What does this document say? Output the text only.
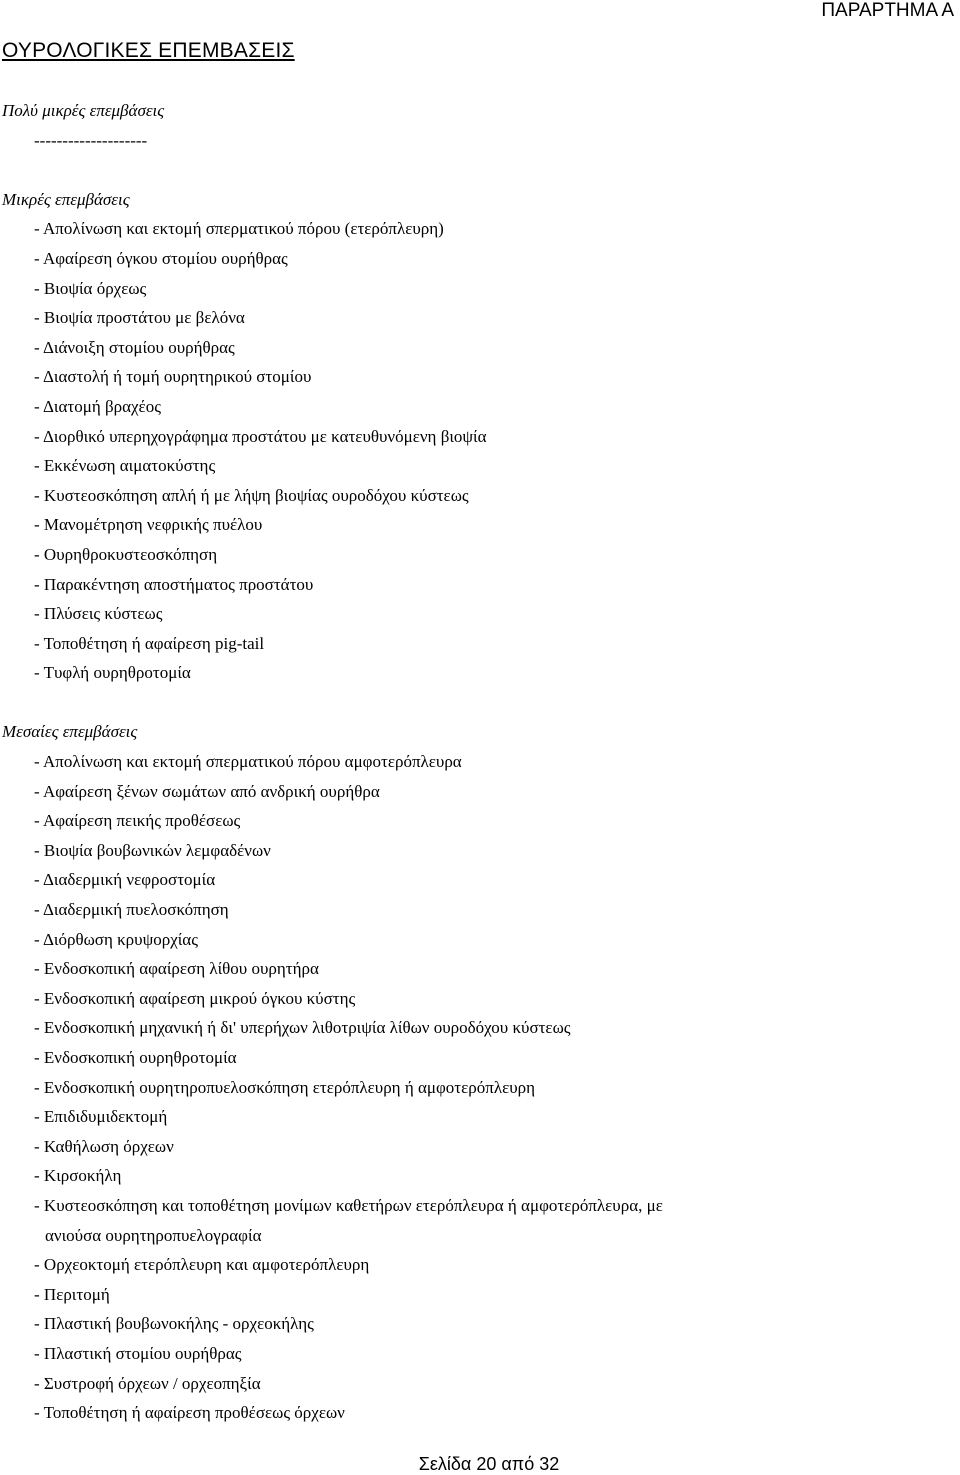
ΠΑΡΑΡΤΗΜΑ Α
ΟΥΡΟΛΟΓΙΚΕΣ ΕΠΕΜΒΑΣΕΙΣ
Πολύ μικρές επεμβάσεις
--------------------
Μικρές επεμβάσεις
- Απολίνωση και εκτομή σπερματικού πόρου (ετερόπλευρη)
- Αφαίρεση όγκου στομίου ουρήθρας
- Βιοψία όρχεως
- Βιοψία προστάτου με βελόνα
- Διάνοιξη στομίου ουρήθρας
- Διαστολή ή τομή ουρητηρικού στομίου
- Διατομή βραχέος
- Διορθικό υπερηχογράφημα προστάτου με κατευθυνόμενη βιοψία
- Εκκένωση αιματοκύστης
- Κυστεοσκόπηση απλή ή με λήψη βιοψίας ουροδόχου κύστεως
- Μανομέτρηση νεφρικής πυέλου
- Ουρηθροκυστεοσκόπηση
- Παρακέντηση αποστήματος προστάτου
- Πλύσεις κύστεως
- Τοποθέτηση ή αφαίρεση pig-tail
- Τυφλή ουρηθροτομία
Μεσαίες επεμβάσεις
- Απολίνωση και εκτομή σπερματικού πόρου αμφοτερόπλευρα
- Αφαίρεση ξένων σωμάτων από ανδρική ουρήθρα
- Αφαίρεση πεικής προθέσεως
- Βιοψία βουβωνικών λεμφαδένων
- Διαδερμική νεφροστομία
- Διαδερμική πυελοσκόπηση
- Διόρθωση κρυψορχίας
- Ενδοσκοπική αφαίρεση λίθου ουρητήρα
- Ενδοσκοπική αφαίρεση μικρού όγκου κύστης
- Ενδοσκοπική μηχανική ή δι' υπερήχων λιθοτριψία λίθων ουροδόχου κύστεως
- Ενδοσκοπική ουρηθροτομία
- Ενδοσκοπική ουρητηροπυελοσκόπηση ετερόπλευρη ή αμφοτερόπλευρη
- Επιδιδυμιδεκτομή
- Καθήλωση όρχεων
- Κιρσοκήλη
- Κυστεοσκόπηση και τοποθέτηση μονίμων καθετήρων ετερόπλευρα ή αμφοτερόπλευρα, με
ανιούσα ουρητηροπυελογραφία
- Ορχεοκτομή ετερόπλευρη και αμφοτερόπλευρη
- Περιτομή
- Πλαστική βουβωνοκήλης - ορχεοκήλης
- Πλαστική στομίου ουρήθρας
- Συστροφή όρχεων / ορχεοπηξία
- Τοποθέτηση ή αφαίρεση προθέσεως όρχεων
Σελίδα 20 από 32
